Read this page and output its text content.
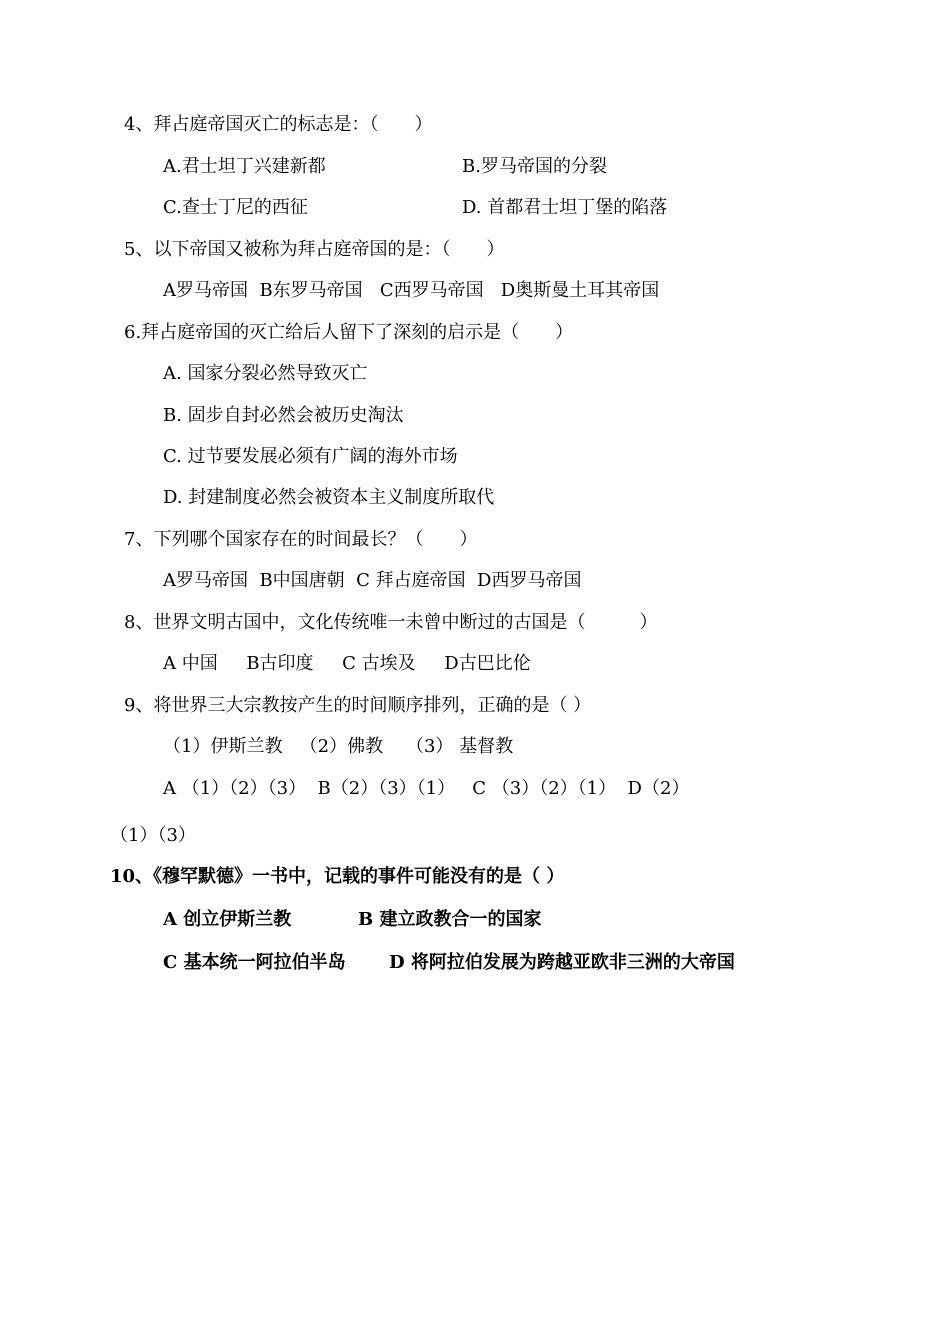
4、拜占庭帝国灭亡的标志是：（　　）
A.君士坦丁兴建新都	B.罗马帝国的分裂
C.查士丁尼的西征	D. 首都君士坦丁堡的陷落
5、以下帝国又被称为拜占庭帝国的是：（　　）
A罗马帝国  B东罗马帝国   C西罗马帝国   D奥斯曼土耳其帝国
6.拜占庭帝国的灭亡给后人留下了深刻的启示是（　　）
A. 国家分裂必然导致灭亡
B. 固步自封必然会被历史淘汰
C. 过节要发展必须有广阔的海外市场
D. 封建制度必然会被资本主义制度所取代
7、下列哪个国家存在的时间最长？（　　）
A罗马帝国  B中国唐朝  C 拜占庭帝国  D西罗马帝国
8、世界文明古国中，文化传统唯一未曾中断过的古国是（　　　）
A 中国     B古印度     C 古埃及     D古巴比伦
9、将世界三大宗教按产生的时间顺序排列，正确的是（ ）
（1）伊斯兰教   （2）佛教    （3） 基督教
A （1）（2）（3）  B（2）（3）（1）   C （3）（2）（1）  D（2）
（1）（3）
10、《穆罕默德》一书中，记载的事件可能没有的是（ ）
A 创立伊斯兰教	B 建立政教合一的国家
C 基本统一阿拉伯半岛 D 将阿拉伯发展为跨越亚欧非三洲的大帝国
